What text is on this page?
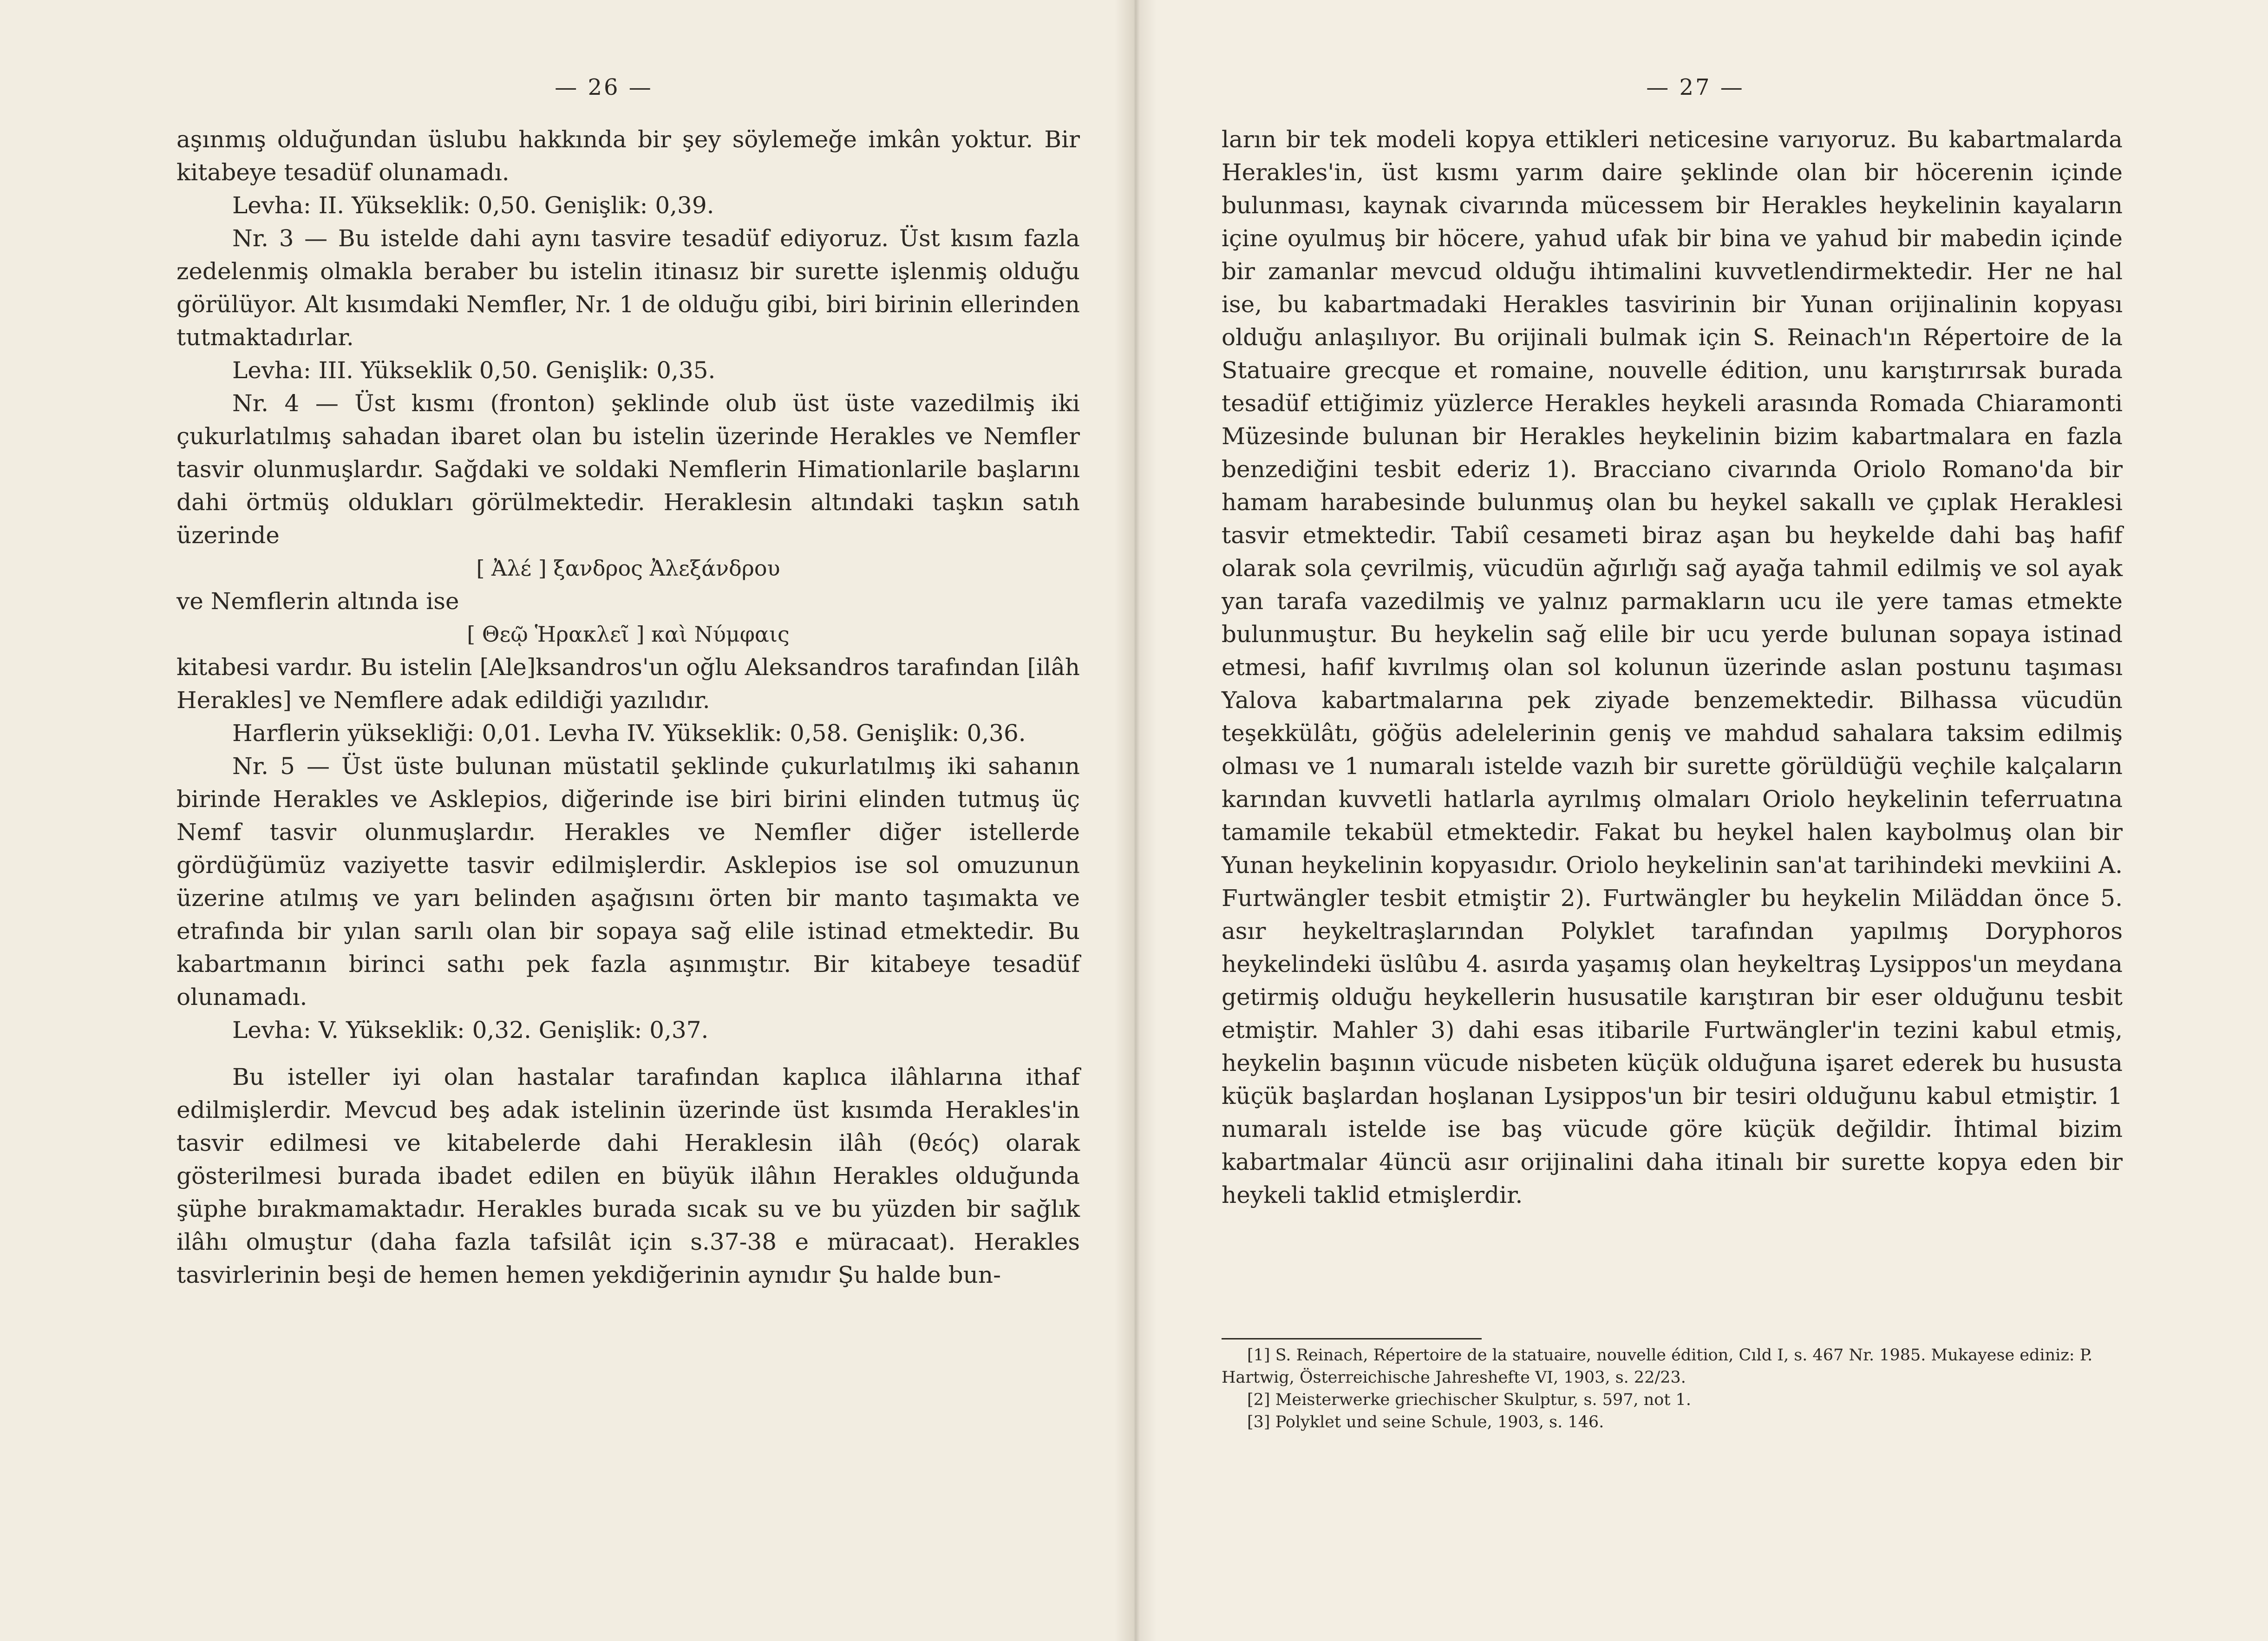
— 26 —

aşınmış olduğundan üslubu hakkında bir şey söylemeğe imkân yoktur. Bir kitabeye tesadüf olunamadı.

Levha: II. Yükseklik: 0,50. Genişlik: 0,39.

Nr. 3 — Bu istelde dahi aynı tasvire tesadüf ediyoruz. Üst kısım fazla zedelenmiş olmakla beraber bu istelin itinasız bir surette işlenmiş olduğu görülüyor. Alt kısımdaki Nemfler, Nr. 1 de olduğu gibi, biri birinin ellerinden tutmaktadırlar.

Levha: III. Yükseklik 0,50. Genişlik: 0,35.

Nr. 4 — Üst kısmı (fronton) şeklinde olub üst üste vazedilmiş iki çukurlatılmış sahadan ibaret olan bu istelin üzerinde Herakles ve Nemfler tasvir olunmuşlardır. Sağdaki ve soldaki Nemflerin Himationlarile başlarını dahi örtmüş oldukları görülmektedir. Heraklesin altındaki taşkın satıh üzerinde

[ Ἀλέ ] ξανδρος Ἀλεξάνδρου

ve Nemflerin altında ise

[ Θεῷ Ἡρακλεῖ ] καὶ Νύμφαις

kitabesi vardır. Bu istelin [Ale]ksandros'un oğlu Aleksandros tarafından [ilâh Herakles] ve Nemflere adak edildiği yazılıdır.

Harflerin yüksekliği: 0,01. Levha IV. Yükseklik: 0,58. Genişlik: 0,36.

Nr. 5 — Üst üste bulunan müstatil şeklinde çukurlatılmış iki sahanın birinde Herakles ve Asklepios, diğerinde ise biri birini elinden tutmuş üç Nemf tasvir olunmuşlardır. Herakles ve Nemfler diğer istellerde gördüğümüz vaziyette tasvir edilmişlerdir. Asklepios ise sol omuzunun üzerine atılmış ve yarı belinden aşağısını örten bir manto taşımakta ve etrafında bir yılan sarılı olan bir sopaya sağ elile istinad etmektedir. Bu kabartmanın birinci sathı pek fazla aşınmıştır. Bir kitabeye tesadüf olunamadı.

Levha: V. Yükseklik: 0,32. Genişlik: 0,37.

Bu isteller iyi olan hastalar tarafından kaplıca ilâhlarına ithaf edilmişlerdir. Mevcud beş adak istelinin üzerinde üst kısımda Herakles'in tasvir edilmesi ve kitabelerde dahi Heraklesin ilâh (θεός) olarak gösterilmesi burada ibadet edilen en büyük ilâhın Herakles olduğunda şüphe bırakmamaktadır. Herakles burada sıcak su ve bu yüzden bir sağlık ilâhı olmuştur (daha fazla tafsilât için s.37-38 e müracaat). Herakles tasvirlerinin beşi de hemen hemen yekdiğerinin aynıdır Şu halde bun-

— 27 —

ların bir tek modeli kopya ettikleri neticesine varıyoruz. Bu kabartmalarda Herakles'in, üst kısmı yarım daire şeklinde olan bir höcerenin içinde bulunması, kaynak civarında mücessem bir Herakles heykelinin kayaların içine oyulmuş bir höcere, yahud ufak bir bina ve yahud bir mabedin içinde bir zamanlar mevcud olduğu ihtimalini kuvvetlendirmektedir. Her ne hal ise, bu kabartmadaki Herakles tasvirinin bir Yunan orijinalinin kopyası olduğu anlaşılıyor. Bu orijinali bulmak için S. Reinach'ın Répertoire de la Statuaire grecque et romaine, nouvelle édition, unu karıştırırsak burada tesadüf ettiğimiz yüzlerce Herakles heykeli arasında Romada Chiaramonti Müzesinde bulunan bir Herakles heykelinin bizim kabartmalara en fazla benzediğini tesbit ederiz 1). Bracciano civarında Oriolo Romano'da bir hamam harabesinde bulunmuş olan bu heykel sakallı ve çıplak Heraklesi tasvir etmektedir. Tabiî cesameti biraz aşan bu heykelde dahi baş hafif olarak sola çevrilmiş, vücudün ağırlığı sağ ayağa tahmil edilmiş ve sol ayak yan tarafa vazedilmiş ve yalnız parmakların ucu ile yere tamas etmekte bulunmuştur. Bu heykelin sağ elile bir ucu yerde bulunan sopaya istinad etmesi, hafif kıvrılmış olan sol kolunun üzerinde aslan postunu taşıması Yalova kabartmalarına pek ziyade benzemektedir. Bilhassa vücudün teşekkülâtı, göğüs adelelerinin geniş ve mahdud sahalara taksim edilmiş olması ve 1 numaralı istelde vazıh bir surette görüldüğü veçhile kalçaların karından kuvvetli hatlarla ayrılmış olmaları Oriolo heykelinin teferruatına tamamile tekabül etmektedir. Fakat bu heykel halen kaybolmuş olan bir Yunan heykelinin kopyasıdır. Oriolo heykelinin san'at tarihindeki mevkiini A. Furtwängler tesbit etmiştir 2). Furtwängler bu heykelin Miläddan önce 5. asır heykeltraşlarından Polyklet tarafından yapılmış Doryphoros heykelindeki üslûbu 4. asırda yaşamış olan heykeltraş Lysippos'un meydana getirmiş olduğu heykellerin hususatile karıştıran bir eser olduğunu tesbit etmiştir. Mahler 3) dahi esas itibarile Furtwängler'in tezini kabul etmiş, heykelin başının vücude nisbeten küçük olduğuna işaret ederek bu hususta küçük başlardan hoşlanan Lysippos'un bir tesiri olduğunu kabul etmiştir. 1 numaralı istelde ise baş vücude göre küçük değildir. İhtimal bizim kabartmalar 4üncü asır orijinalini daha itinalı bir surette kopya eden bir heykeli taklid etmişlerdir.

[1] S. Reinach, Répertoire de la statuaire, nouvelle édition, Cıld I, s. 467 Nr. 1985. Mukayese ediniz: P. Hartwig, Österreichische Jahreshefte VI, 1903, s. 22/23.

[2] Meisterwerke griechischer Skulptur, s. 597, not 1.

[3] Polyklet und seine Schule, 1903, s. 146.
